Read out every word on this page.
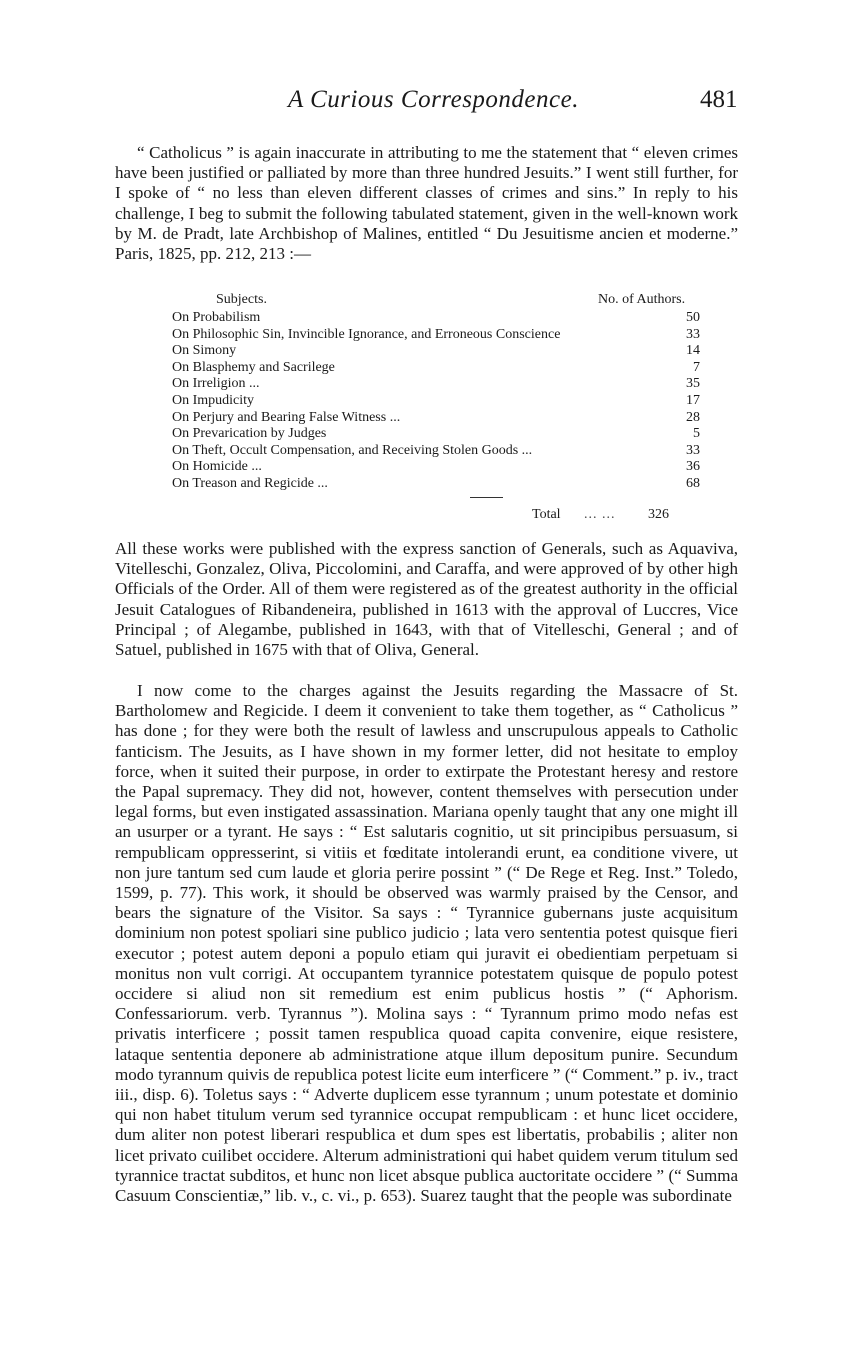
A Curious Correspondence.	481

“ Catholicus ” is again inaccurate in attributing to me the statement that “ eleven crimes have been justified or palliated by more than three hundred Jesuits.” I went still further, for I spoke of “ no less than eleven different classes of crimes and sins.” In reply to his challenge, I beg to submit the following tabulated statement, given in the well-known work by M. de Pradt, late Archbishop of Malines, entitled “ Du Jesuitisme ancien et moderne.” Paris, 1825, pp. 212, 213 :—

Subjects.	No. of Authors.
On Probabilism	50
On Philosophic Sin, Invincible Ignorance, and Erroneous Conscience	33
On Simony	14
On Blasphemy and Sacrilege	7
On Irreligion ...	35
On Impudicity	17
On Perjury and Bearing False Witness ...	28
On Prevarication by Judges	5
On Theft, Occult Compensation, and Receiving Stolen Goods ...	33
On Homicide ...	36
On Treason and Regicide ...	68
Total ... ... 326

All these works were published with the express sanction of Generals, such as Aquaviva, Vitelleschi, Gonzalez, Oliva, Piccolomini, and Caraffa, and were approved of by other high Officials of the Order. All of them were registered as of the greatest authority in the official Jesuit Catalogues of Ribandeneira, published in 1613 with the approval of Luccres, Vice Principal ; of Alegambe, published in 1643, with that of Vitelleschi, General ; and of Satuel, published in 1675 with that of Oliva, General.

I now come to the charges against the Jesuits regarding the Massacre of St. Bartholomew and Regicide. I deem it convenient to take them together, as “ Catholicus ” has done ; for they were both the result of lawless and unscrupulous appeals to Catholic fanticism. The Jesuits, as I have shown in my former letter, did not hesitate to employ force, when it suited their purpose, in order to extirpate the Protestant heresy and restore the Papal supremacy. They did not, however, content themselves with persecution under legal forms, but even instigated assassination. Mariana openly taught that any one might ill an usurper or a tyrant. He says : “ Est salutaris cognitio, ut sit principibus persuasum, si rempublicam oppresserint, si vitiis et fœditate intolerandi erunt, ea conditione vivere, ut non jure tantum sed cum laude et gloria perire possint ” (“ De Rege et Reg. Inst.” Toledo, 1599, p. 77). This work, it should be observed was warmly praised by the Censor, and bears the signature of the Visitor. Sa says : “ Tyrannice gubernans juste acquisitum dominium non potest spoliari sine publico judicio ; lata vero sententia potest quisque fieri executor ; potest autem deponi a populo etiam qui juravit ei obedientiam perpetuam si monitus non vult corrigi. At occupantem tyrannice potestatem quisque de populo potest occidere si aliud non sit remedium est enim publicus hostis ” (“ Aphorism. Confessariorum. verb. Tyrannus ”). Molina says : “ Tyrannum primo modo nefas est privatis interficere ; possit tamen respublica quoad capita convenire, eique resistere, lataque sententia deponere ab administratione atque illum depositum punire. Secundum modo tyrannum quivis de republica potest licite eum interficere ” (“ Comment.” p. iv., tract iii., disp. 6). Toletus says : “ Adverte duplicem esse tyrannum ; unum potestate et dominio qui non habet titulum verum sed tyrannice occupat rempublicam : et hunc licet occidere, dum aliter non potest liberari respublica et dum spes est libertatis, probabilis ; aliter non licet privato cuilibet occidere. Alterum administrationi qui habet quidem verum titulum sed tyrannice tractat subditos, et hunc non licet absque publica auctoritate occidere ” (“ Summa Casuum Conscientiæ,” lib. v., c. vi., p. 653). Suarez taught that the people was subordinate
